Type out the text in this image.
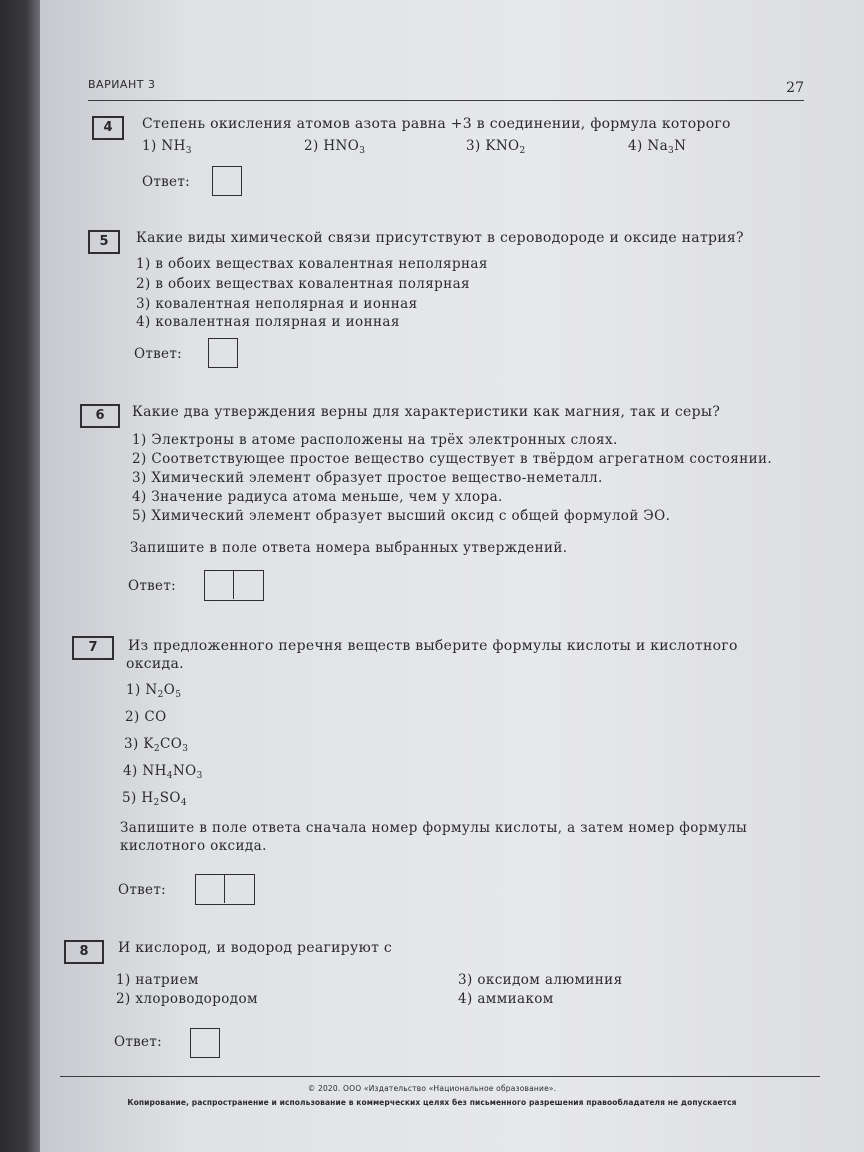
ВАРИАНТ 3	27
4	Степень окисления атомов азота равна +3 в соединении, формула которого
1) $NH_3$	2) $HNO_3$	3) $KNO_2$	4) $Na_3N$
Ответ:
5	Какие виды химической связи присутствуют в сероводороде и оксиде натрия?
1) в обоих веществах ковалентная неполярная
2) в обоих веществах ковалентная полярная
3) ковалентная неполярная и ионная
4) ковалентная полярная и ионная
Ответ:
6	Какие два утверждения верны для характеристики как магния, так и серы?
1) Электроны в атоме расположены на трёх электронных слоях.
2) Соответствующее простое вещество существует в твёрдом агрегатном состоянии.
3) Химический элемент образует простое вещество-неметалл.
4) Значение радиуса атома меньше, чем у хлора.
5) Химический элемент образует высший оксид с общей формулой ЭО.
Запишите в поле ответа номера выбранных утверждений.
Ответ:
7	Из предложенного перечня веществ выберите формулы кислоты и кислотного
оксида.
1) $N_2O_5$
2) CO
3) $K_2CO_3$
4) $NH_4NO_3$
5) $H_2SO_4$
Запишите в поле ответа сначала номер формулы кислоты, а затем номер формулы
кислотного оксида.
Ответ:
8	И кислород, и водород реагируют с
1) натрием
2) хлороводородом
3) оксидом алюминия
4) аммиаком
Ответ:
© 2020. ООО «Издательство «Национальное образование».
Копирование, распространение и использование в коммерческих целях без письменного разрешения правообладателя не допускается
